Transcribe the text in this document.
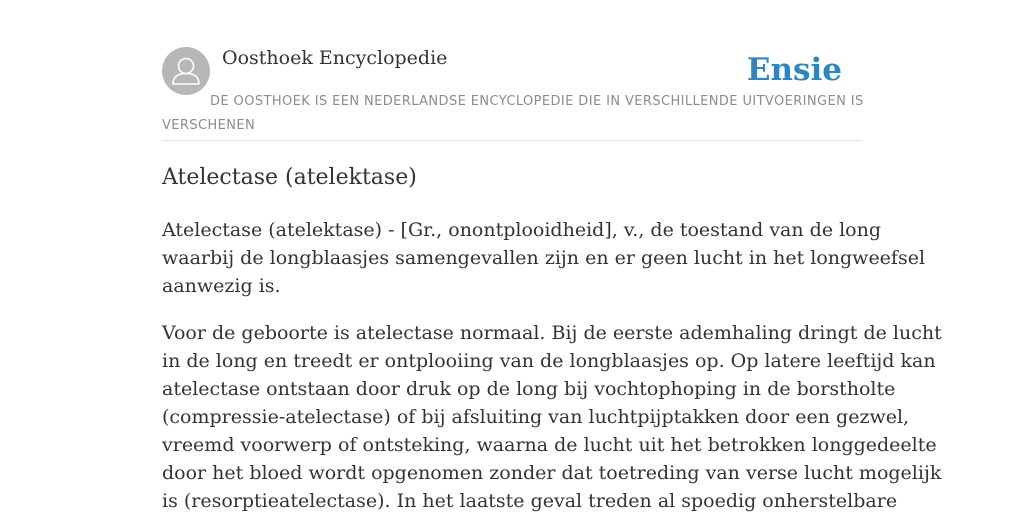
Oosthoek Encyclopedie	Ensie
DE OOSTHOEK IS EEN NEDERLANDSE ENCYCLOPEDIE DIE IN VERSCHILLENDE UITVOERINGEN IS
VERSCHENEN
Atelectase (atelektase)

Atelectase (atelektase) - [Gr., onontplooidheid], v., de toestand van de long
waarbij de longblaasjes samengevallen zijn en er geen lucht in het longweefsel
aanwezig is.

Voor de geboorte is atelectase normaal. Bij de eerste ademhaling dringt de lucht
in de long en treedt er ontplooiing van de longblaasjes op. Op latere leeftijd kan
atelectase ontstaan door druk op de long bij vochtophoping in de borstholte
(compressie-atelectase) of bij afsluiting van luchtpijptakken door een gezwel,
vreemd voorwerp of ontsteking, waarna de lucht uit het betrokken longgedeelte
door het bloed wordt opgenomen zonder dat toetreding van verse lucht mogelijk
is (resorptieatelectase). In het laatste geval treden al spoedig onherstelbare
